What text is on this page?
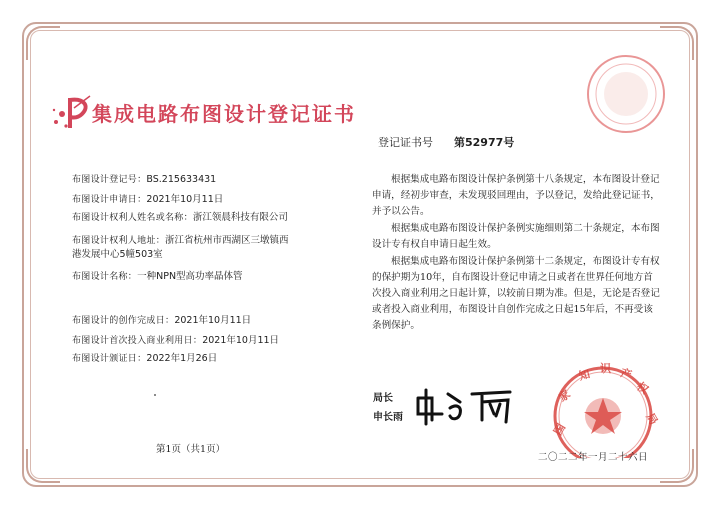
集成电路布图设计登记证书
登记证书号 第52977号
布图设计登记号：BS.215633431
布图设计申请日：2021年10月11日
布图设计权利人姓名或名称：浙江领晨科技有限公司
布图设计权利人地址：浙江省杭州市西湖区三墩镇西港发展中心5幢503室
布图设计名称：一种NPN型高功率晶体管
布图设计的创作完成日：2021年10月11日
布图设计首次投入商业利用日：2021年10月11日
布图设计颁证日：2022年1月26日
根据集成电路布图设计保护条例第十八条规定，本布图设计登记申请，经初步审查，未发现驳回理由，予以登记，发给此登记证书，并予以公告。
根据集成电路布图设计保护条例实施细则第二十条规定，本布图设计专有权自申请日起生效。
根据集成电路布图设计保护条例第十二条规定，布图设计专有权的保护期为10年，自布图设计登记申请之日或者在世界任何地方首次投入商业利用之日起计算，以较前日期为准。但是，无论是否登记或者投入商业利用，布图设计自创作完成之日起15年后，不再受该条例保护。
第1页（共1页）
局长
申长雨
国
家
知 识 产
权
局
二〇二二年一月二十六日
